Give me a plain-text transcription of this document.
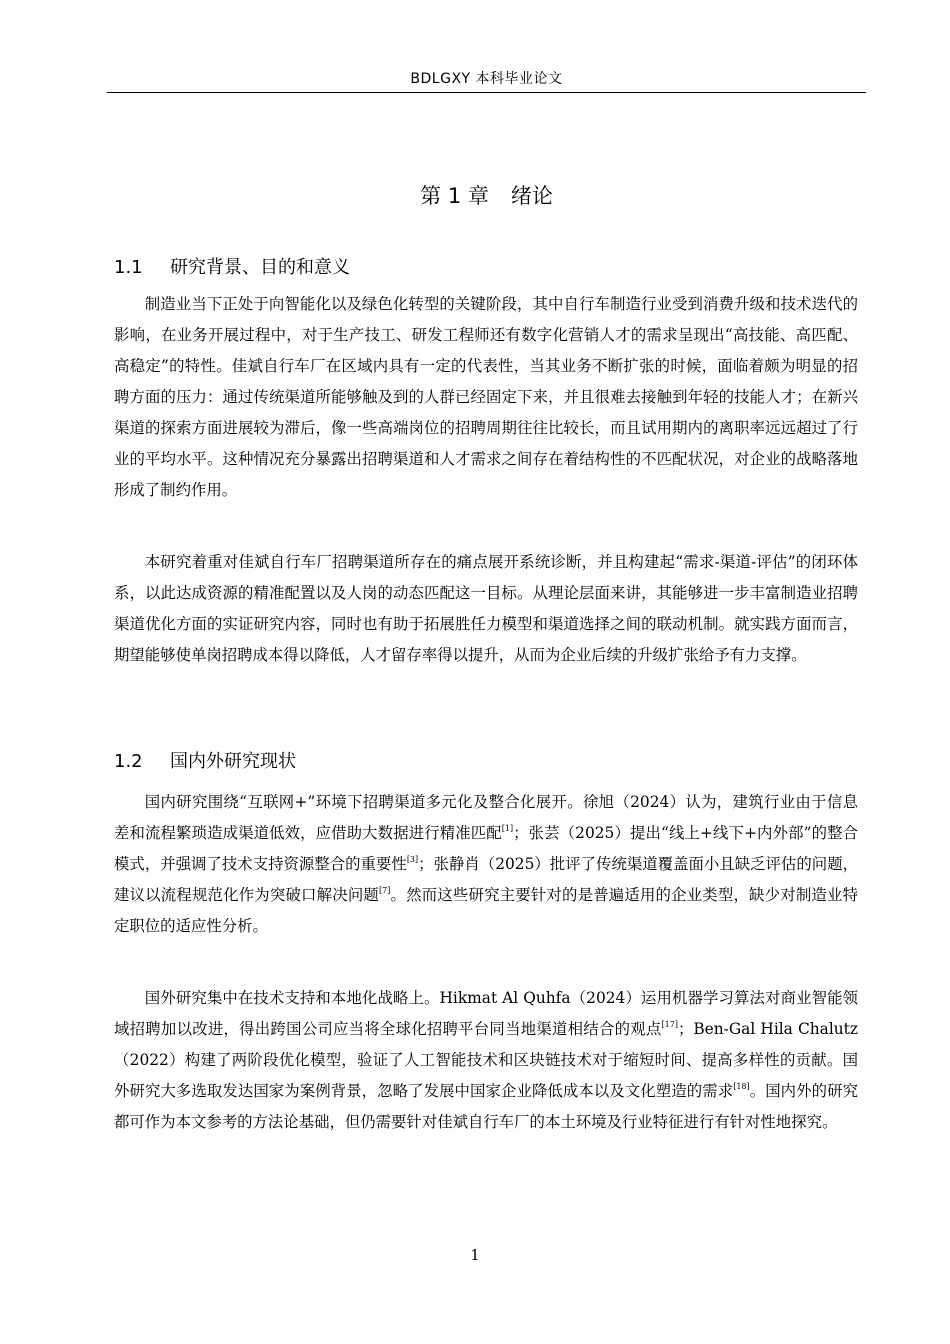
BDLGXY 本科毕业论文
第 1 章 绪论
1.1 研究背景、目的和意义

制造业当下正处于向智能化以及绿色化转型的关键阶段，其中自行车制造行业受到消费升级和技术迭代的影响，在业务开展过程中，对于生产技工、研发工程师还有数字化营销人才的需求呈现出“高技能、高匹配、高稳定”的特性。佳斌自行车厂在区域内具有一定的代表性，当其业务不断扩张的时候，面临着颇为明显的招聘方面的压力：通过传统渠道所能够触及到的人群已经固定下来，并且很难去接触到年轻的技能人才；在新兴渠道的探索方面进展较为滞后，像一些高端岗位的招聘周期往往比较长，而且试用期内的离职率远远超过了行业的平均水平。这种情况充分暴露出招聘渠道和人才需求之间存在着结构性的不匹配状况，对企业的战略落地形成了制约作用。

本研究着重对佳斌自行车厂招聘渠道所存在的痛点展开系统诊断，并且构建起“需求-渠道-评估”的闭环体系，以此达成资源的精准配置以及人岗的动态匹配这一目标。从理论层面来讲，其能够进一步丰富制造业招聘渠道优化方面的实证研究内容，同时也有助于拓展胜任力模型和渠道选择之间的联动机制。就实践方面而言，期望能够使单岗招聘成本得以降低，人才留存率得以提升，从而为企业后续的升级扩张给予有力支撑。

1.2 国内外研究现状

国内研究围绕“互联网+”环境下招聘渠道多元化及整合化展开。徐旭（2024）认为，建筑行业由于信息差和流程繁琐造成渠道低效，应借助大数据进行精准匹配[1]；张芸（2025）提出“线上+线下+内外部”的整合模式，并强调了技术支持资源整合的重要性[3]；张静肖（2025）批评了传统渠道覆盖面小且缺乏评估的问题，建议以流程规范化作为突破口解决问题[7]。然而这些研究主要针对的是普遍适用的企业类型，缺少对制造业特定职位的适应性分析。

国外研究集中在技术支持和本地化战略上。Hikmat Al Quhfa（2024）运用机器学习算法对商业智能领域招聘加以改进，得出跨国公司应当将全球化招聘平台同当地渠道相结合的观点[17]；Ben-Gal Hila Chalutz（2022）构建了两阶段优化模型，验证了人工智能技术和区块链技术对于缩短时间、提高多样性的贡献。国外研究大多选取发达国家为案例背景，忽略了发展中国家企业降低成本以及文化塑造的需求[18]。国内外的研究都可作为本文参考的方法论基础，但仍需要针对佳斌自行车厂的本土环境及行业特征进行有针对性地探究。

1
